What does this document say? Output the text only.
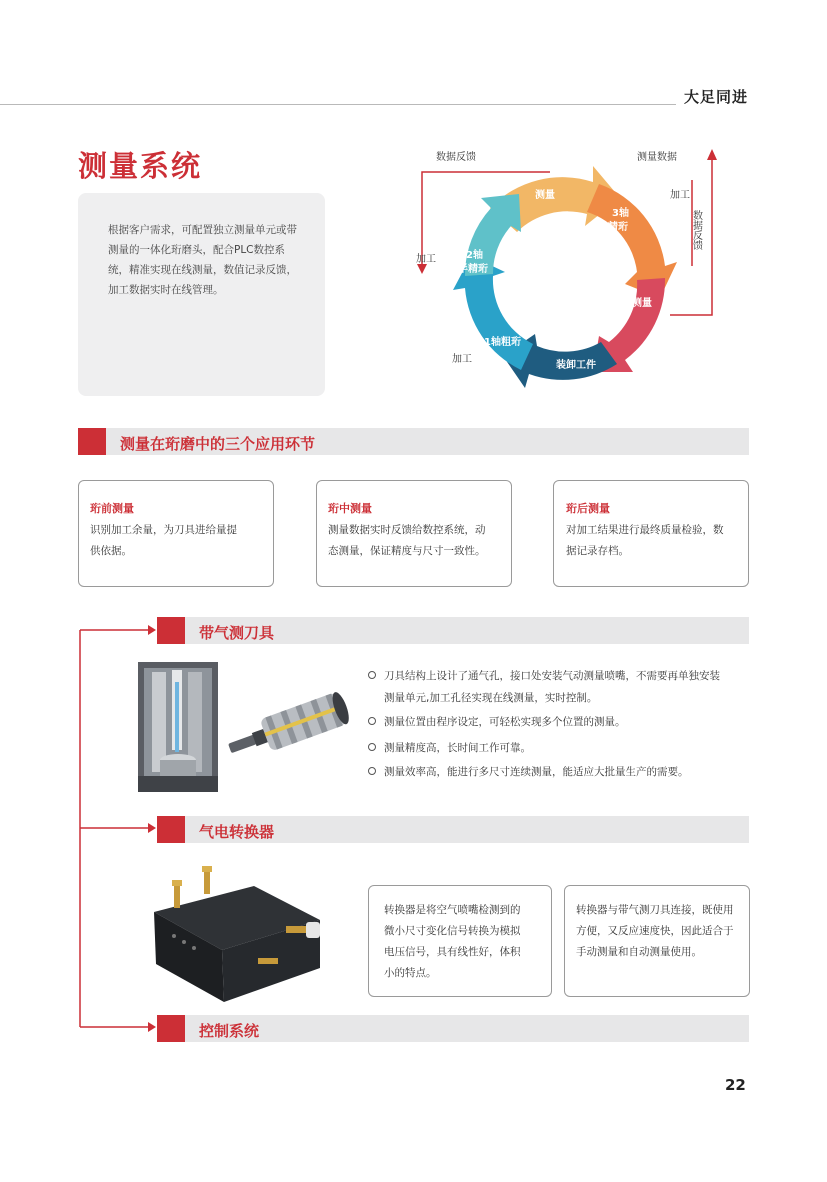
大足同进
测量系统
根据客户需求，可配置独立测量单元或带测量的一体化珩磨头，配合PLC数控系统，精准实现在线测量，数值记录反馈，加工数据实时在线管理。
测量
3轴
精珩
测量
装卸工件
1轴粗珩
2轴
半精珩
数据反馈	测量数据
加工
数据反馈
加工
加工
测量在珩磨中的三个应用环节
珩前测量
识别加工余量，为刀具进给量提
供依据。
珩中测量
测量数据实时反馈给数控系统，动
态测量，保证精度与尺寸一致性。
珩后测量
对加工结果进行最终质量检验，数
据记录存档。
带气测刀具
刀具结构上设计了通气孔，接口处安装气动测量喷嘴，不需要再单独安装
测量单元,加工孔径实现在线测量，实时控制。
测量位置由程序设定，可轻松实现多个位置的测量。
测量精度高，长时间工作可靠。
测量效率高，能进行多尺寸连续测量，能适应大批量生产的需要。
气电转换器
转换器是将空气喷嘴检测到的
微小尺寸变化信号转换为模拟
电压信号，具有线性好，体积
小的特点。
转换器与带气测刀具连接，既使用
方便，又反应速度快，因此适合于
手动测量和自动测量使用。
控制系统
22
